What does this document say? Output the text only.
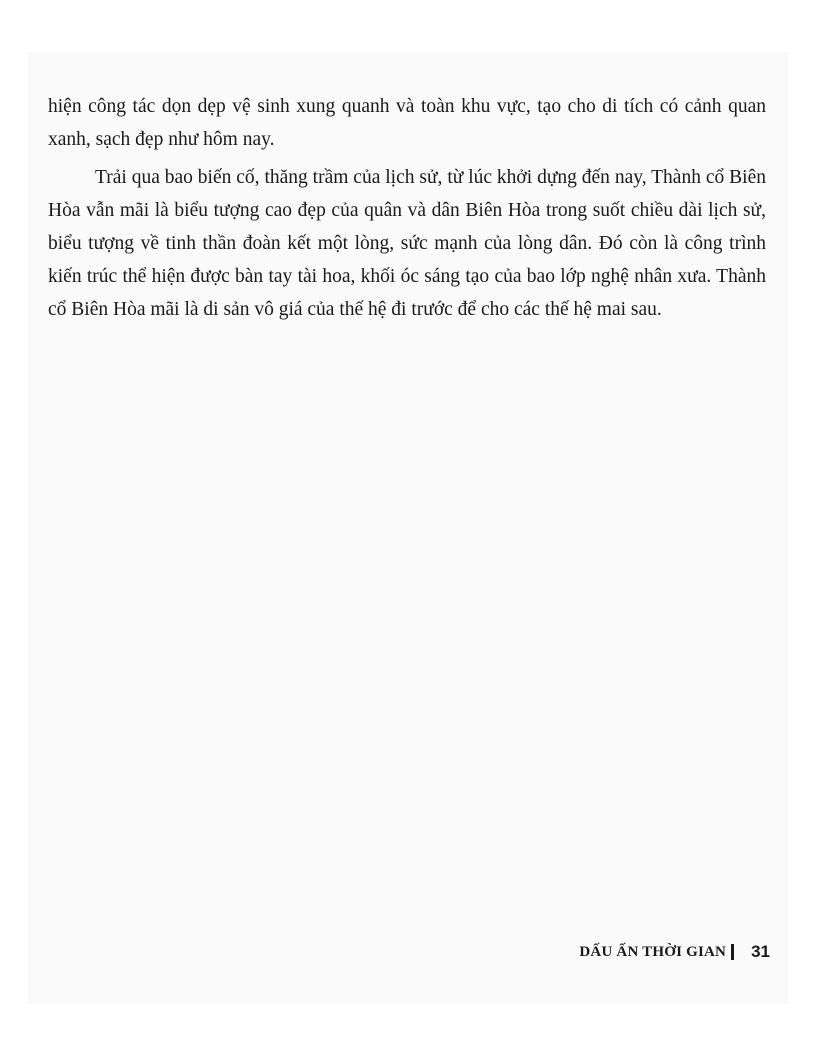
hiện công tác dọn dẹp vệ sinh xung quanh và toàn khu vực, tạo cho di tích có cảnh quan xanh, sạch đẹp như hôm nay.

Trải qua bao biến cố, thăng trầm của lịch sử, từ lúc khởi dựng đến nay, Thành cổ Biên Hòa vẫn mãi là biểu tượng cao đẹp của quân và dân Biên Hòa trong suốt chiều dài lịch sử, biểu tượng về tinh thần đoàn kết một lòng, sức mạnh của lòng dân. Đó còn là công trình kiến trúc thể hiện được bàn tay tài hoa, khối óc sáng tạo của bao lớp nghệ nhân xưa. Thành cổ Biên Hòa mãi là di sản vô giá của thế hệ đi trước để cho các thế hệ mai sau.

DẤU ẤN THỜI GIAN 31
